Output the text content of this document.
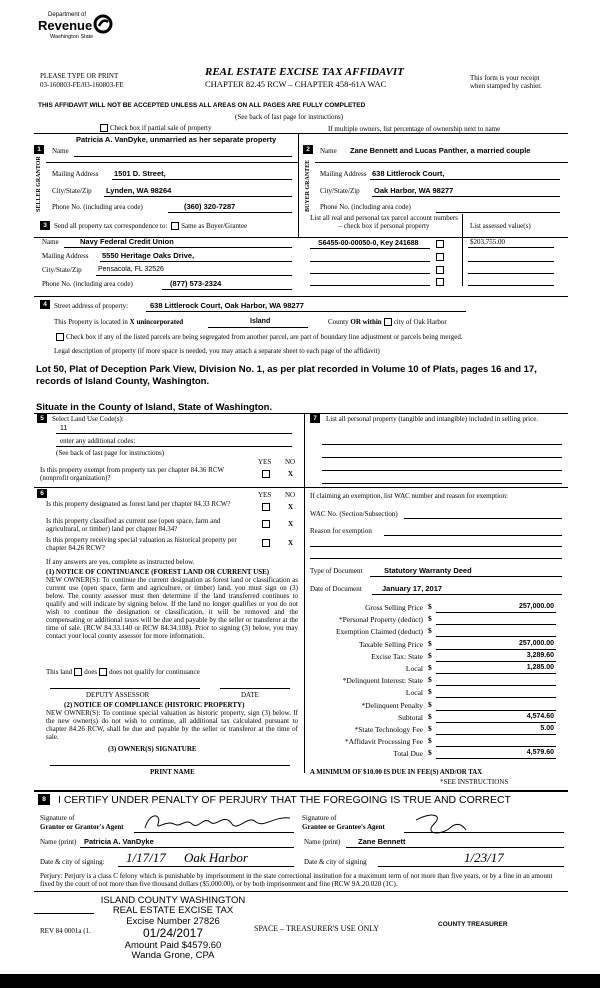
Department of
Revenue
Washington State
PLEASE TYPE OR PRINT
03-160803-FE/03-160803-FE
REAL ESTATE EXCISE TAX AFFIDAVIT
CHAPTER 82.45 RCW – CHAPTER 458-61A WAC
This form is your receipt
when stamped by cashier.
THIS AFFIDAVIT WILL NOT BE ACCEPTED UNLESS ALL AREAS ON ALL PAGES ARE FULLY COMPLETED
(See back of last page for instructions)
Check box if partial sale of property	If multiple owners, list percentage of ownership next to name
1
SELLER GRANTOR
Name
Patricia A. VanDyke, unmarried as her separate property
Mailing Address 1501 D. Street,
City/State/Zip Lynden, WA 98264
Phone No. (including area code)	(360) 320-7287
2
BUYER GRANTEE
Name Zane Bennett and Lucas Panther, a married couple
Mailing Address 638 Littlerock Court,
City/State/Zip Oak Harbor, WA 98277
Phone No. (including area code)
3	Send all property tax correspondence to: Same as Buyer/Grantee
List all real and personal tax parcel account numbers – check box if personal property	List assessed value(s)
Name	Navy Federal Credit Union
Mailing Address 5550 Heritage Oaks Drive,
City/State/Zip Pensacola, FL 32526
Phone No. (including area code)	(877) 573-2324
S6455-00-00050-0, Key 241688	$203,755.00
4	Street address of property:	638 Littlerock Court, Oak Harbor, WA 98277
This Property is located in X unincorporated	Island	County OR within city of Oak Harbor
Check box if any of the listed parcels are being segregated from another parcel, are part of boundary line adjustment or parcels being merged.
Legal description of property (if more space is needed, you may attach a separate sheet to each page of the affidavit)
Lot 50, Plat of Deception Park View, Division No. 1, as per plat recorded in Volume 10 of Plats, pages 16 and 17, records of Island County, Washington.
Situate in the County of Island, State of Washington.
5	Select Land Use Code(s):
11
enter any additional codes:
(See back of last page for instructions)
YES NO
Is this property exempt from property tax per chapter 84.36 RCW (nonprofit organization)?
X
7	List all personal property (tangible and intangible) included in selling price.
6	YES NO
Is this property designated as forest land per chapter 84.33 RCW?	X
Is this property classified as current use (open space, farm and agricultural, or timber) land per chapter 84.34?
X
Is this property receiving special valuation as historical property per chapter 84.26 RCW?
X
If any answers are yes, complete as instructed below.
(1) NOTICE OF CONTINUANCE (FOREST LAND OR CURRENT USE)
NEW OWNER(S): To continue the current designation as forest land or classification as current use (open space, farm and agriculture, or timber) land, you must sign on (3) below. The county assessor must then determine if the land transferred continues to qualify and will indicate by signing below. If the land no longer qualifies or you do not wish to continue the designation or classification, it will be removed and the compensating or additional taxes will be due and payable by the seller or transferor at the time of sale. (RCW 84.33.140 or RCW 84.34.108). Prior to signing (3) below, you may contact your local county assessor for more information.
This land does does not qualify for continuance
DEPUTY ASSESSOR	DATE
(2) NOTICE OF COMPLIANCE (HISTORIC PROPERTY)
NEW OWNER(S): To continue special valuation as historic property, sign (3) below. If the new owner(s) do not wish to continue, all additional tax calculated pursuant to chapter 84.26 RCW, shall be due and payable by the seller or transferor at the time of sale.
(3) OWNER(S) SIGNATURE
PRINT NAME
If claiming an exemption, list WAC number and reason for exemption:
WAC No. (Section/Subsection)
Reason for exemption
Type of Document	Statutory Warranty Deed
Date of Document	January 17, 2017
Gross Selling Price $	257,000.00
*Personal Property (deduct) $
Exemption Claimed (deduct) $
Taxable Selling Price $	257,000.00
Excise Tax: State $	3,289.60
Local $	1,285.00
*Delinquent Interest: State $
Local $
*Delinquent Penalty $
Subtotal $	4,574.60
*State Technology Fee $	5.00
*Affidavit Processing Fee $
Total Due $	4,579.60
A MINIMUM OF $10.00 IS DUE IN FEE(S) AND/OR TAX
*SEE INSTRUCTIONS
8	I CERTIFY UNDER PENALTY OF PERJURY THAT THE FOREGOING IS TRUE AND CORRECT
Signature of
Grantor or Grantor's Agent
Signature of
Grantee or Grantee's Agent
Name (print) Patricia A. VanDyke	Name (print) Zane Bennett
Date & city of signing: 1/17/17 Oak Harbor	Date & city of signing	1/23/17
Perjury: Perjury is a class C felony which is punishable by imprisonment in the state correctional institution for a maximum term of not more than five years, or by a fine in an amount fixed by the court of not more than five thousand dollars ($5,000.00), or by both imprisonment and fine (RCW 9A.20.020 (1C).
ISLAND COUNTY WASHINGTON
REAL ESTATE EXCISE TAX
Excise Number 27826
01/24/2017
Amount Paid $4579.60
Wanda Grone, CPA
REV 84 0001a (1.	SPACE – TREASURER'S USE ONLY	COUNTY TREASURER
